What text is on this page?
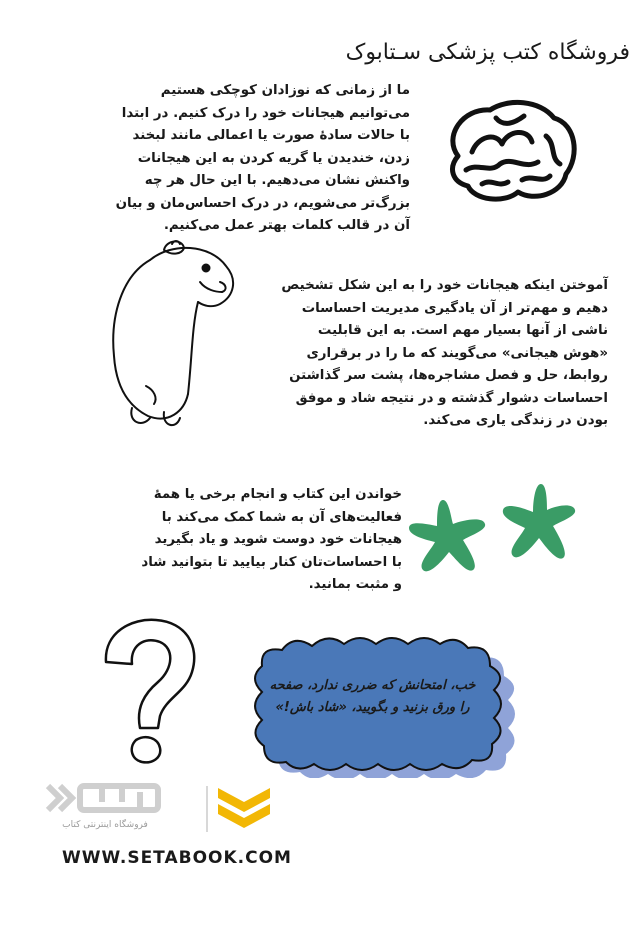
فروشگاه کتب پزشکی سـتابوک
ما از زمانی که نوزادان کوچکی هستیم می‌توانیم هیجانات خود را درک کنیم. در ابتدا با حالات سادهٔ صورت یا اعمالی مانند لبخند زدن، خندیدن یا گریه کردن به این هیجانات واکنش نشان می‌دهیم. با این حال هر چه بزرگ‌تر می‌شویم، در درک احساس‌مان و بیان آن در قالب کلمات بهتر عمل می‌کنیم.
آموختن اینکه هیجانات خود را به این شکل تشخیص دهیم و مهم‌تر از آن یادگیری مدیریت احساسات ناشی از آنها بسیار مهم است. به این قابلیت «هوش هیجانی» می‌گویند که ما را در برقراری روابط، حل و فصل مشاجره‌ها، پشت سر گذاشتن احساسات دشوار گذشته و در نتیجه شاد و موفق بودن در زندگی یاری می‌کند.
خواندن این کتاب و انجام برخی یا همهٔ فعالیت‌های آن به شما کمک می‌کند با هیجانات خود دوست شوید و یاد بگیرید با احساسات‌تان کنار بیایید تا بتوانید شاد و مثبت بمانید.
خب، امتحانش که ضرری ندارد، صفحه را ورق بزنید و بگویید، «شاد باش!»
فروشگاه اینترنتی کتاب
WWW.SETABOOK.COM
